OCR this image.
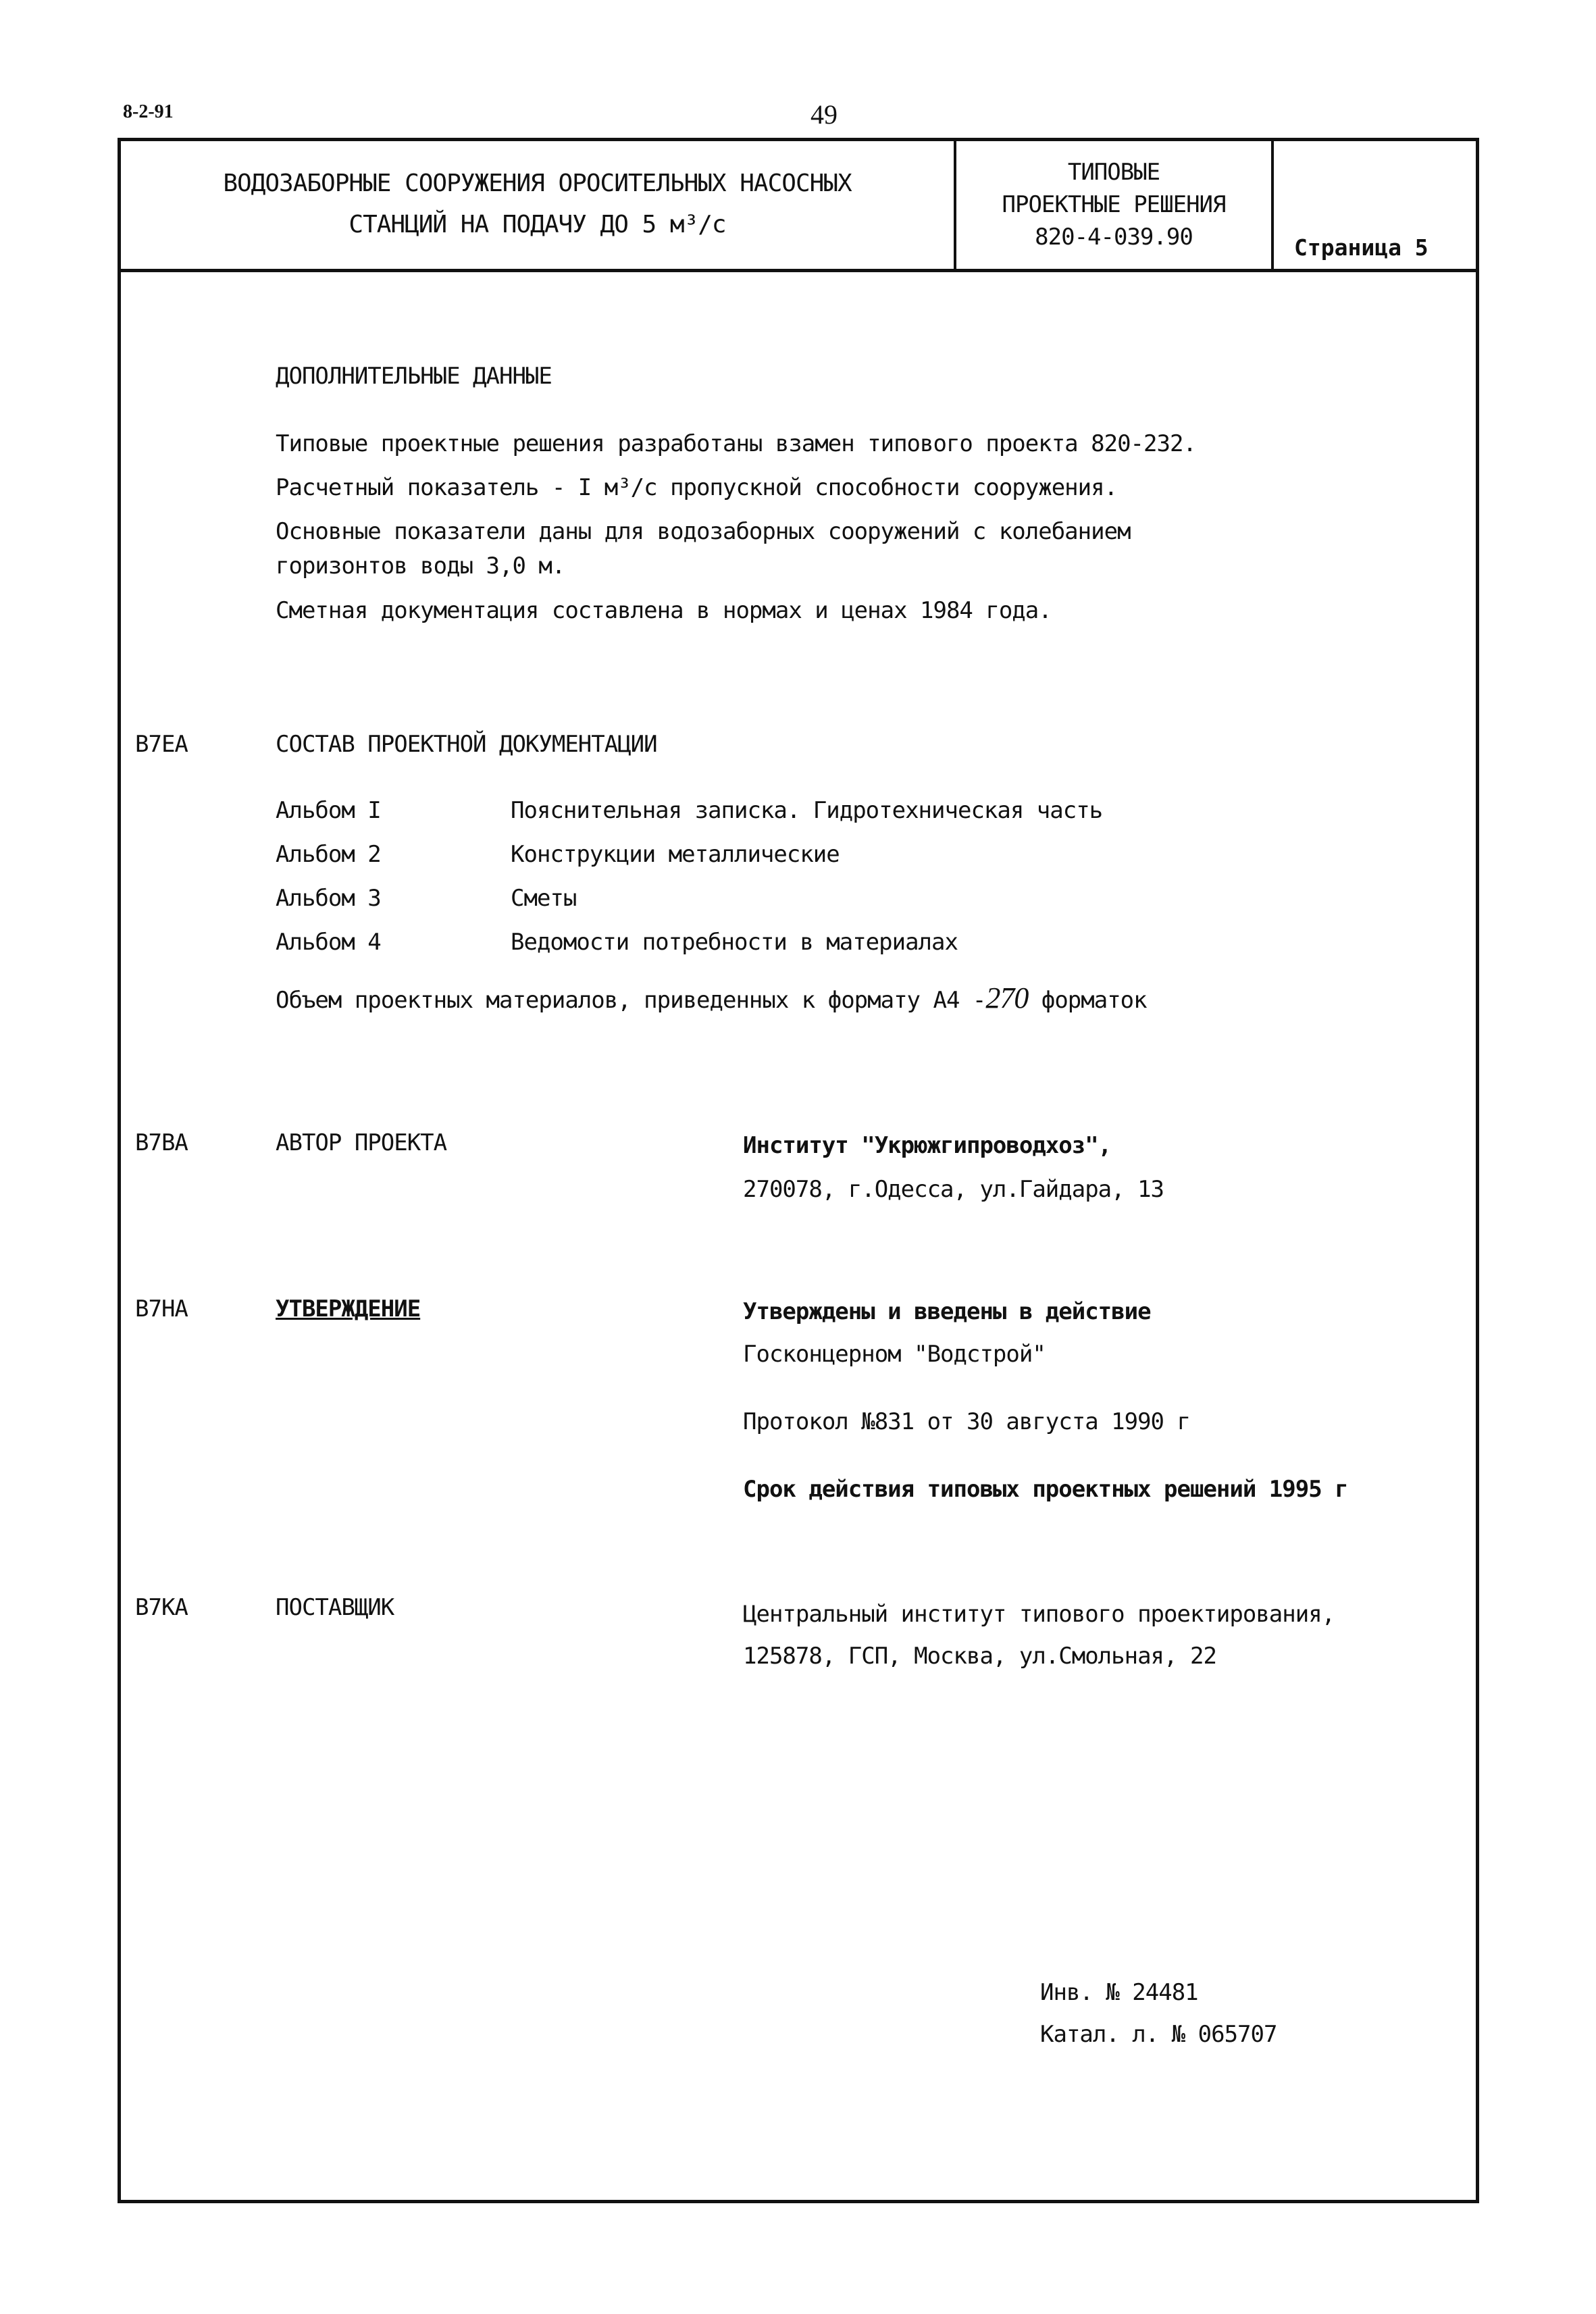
8-2-91	49
ВОДОЗАБОРНЫЕ СООРУЖЕНИЯ ОРОСИТЕЛЬНЫХ НАСОСНЫХ
СТАНЦИЙ НА ПОДАЧУ ДО 5 м³/с
ТИПОВЫЕ
ПРОЕКТНЫЕ РЕШЕНИЯ
820-4-039.90	Страница 5
ДОПОЛНИТЕЛЬНЫЕ ДАННЫЕ
Типовые проектные решения разработаны взамен типового проекта 820-232.
Расчетный показатель - I м³/с пропускной способности сооружения.
Основные показатели даны для водозаборных сооружений с колебанием
горизонтов воды 3,0 м.
Сметная документация составлена в нормах и ценах 1984 года.
В7ЕА	СОСТАВ ПРОЕКТНОЙ ДОКУМЕНТАЦИИ
Альбом I	Пояснительная записка. Гидротехническая часть
Альбом 2	Конструкции металлические
Альбом 3	Сметы
Альбом 4	Ведомости потребности в материалах
Объем проектных материалов, приведенных к формату А4 -270 форматок
В7ВА	АВТОР ПРОЕКТА	Институт "Укрюжгипроводхоз",
270078, г.Одесса, ул.Гайдара, 13
В7НА	УТВЕРЖДЕНИЕ	Утверждены и введены в действие
Госконцерном "Водстрой"
Протокол №831 от 30 августа 1990 г
Срок действия типовых проектных решений 1995 г
В7КА	ПОСТАВЩИК	Центральный институт типового проектирования,
125878, ГСП, Москва, ул.Смольная, 22
Инв. № 24481
Катал. л. № 065707
